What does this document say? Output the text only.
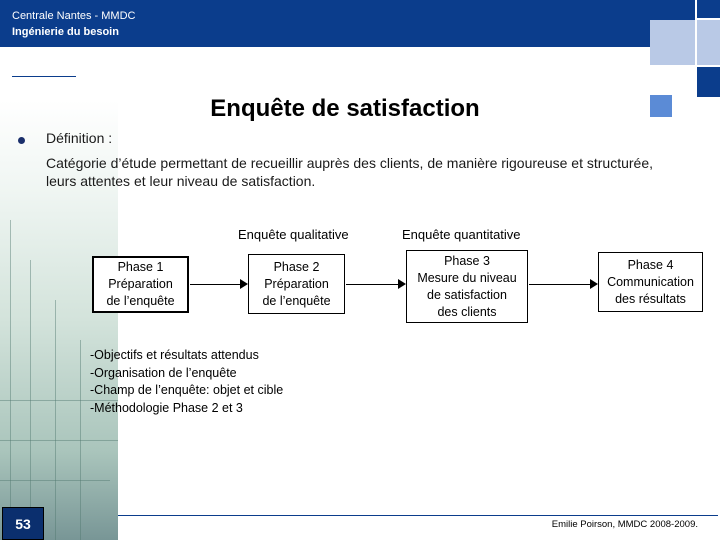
Centrale Nantes - MMDC
Ingénierie du besoin
Enquête de satisfaction
Définition :
Catégorie d’étude permettant de recueillir auprès des clients, de manière rigoureuse et structurée, leurs attentes et leur niveau de satisfaction.
Enquête qualitative	Enquête quantitative
Phase 1
Préparation
de l’enquête
Phase 2
Préparation
de l’enquête
Phase 3
Mesure du niveau
de satisfaction
des clients
Phase 4
Communication
des résultats
-Objectifs et résultats attendus
-Organisation de l’enquête
-Champ de l’enquête: objet et cible
-Méthodologie Phase 2 et 3
53	Emilie Poirson, MMDC 2008-2009.
